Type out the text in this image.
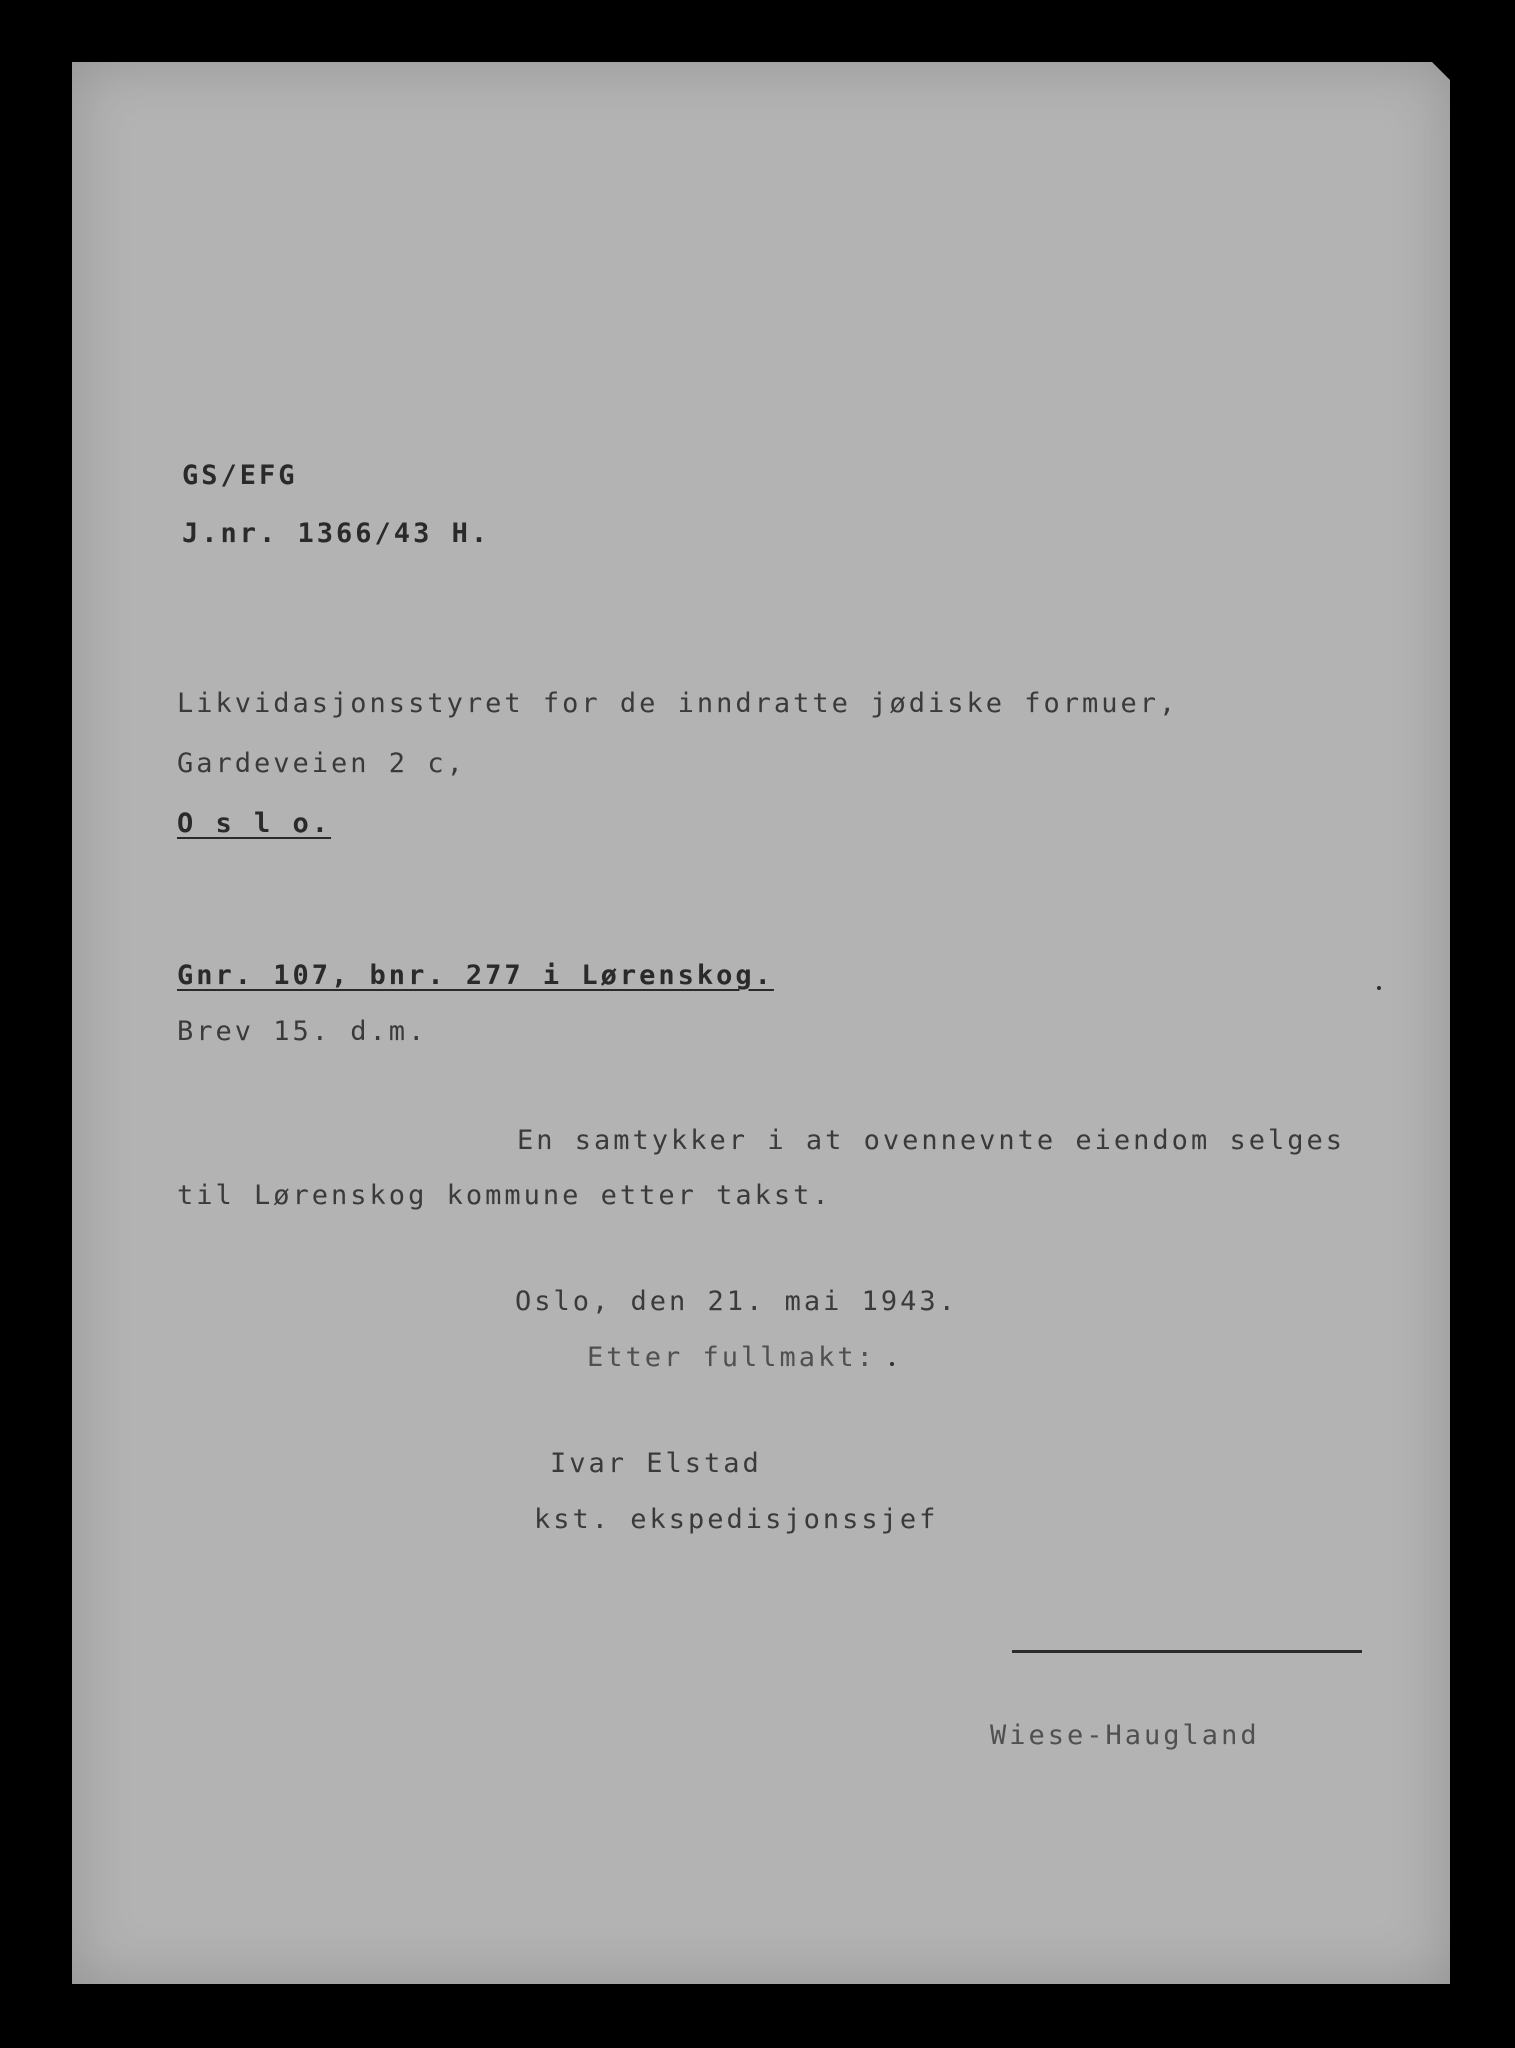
GS/EFG
J.nr. 1366/43 H.
Likvidasjonsstyret for de inndratte jødiske formuer,
Gardeveien 2 c,
O s l o.
Gnr. 107, bnr. 277 i Lørenskog.
Brev 15. d.m.
En samtykker i at ovennevnte eiendom selges
til Lørenskog kommune etter takst.
Oslo, den 21. mai 1943.
Etter fullmakt:
Ivar Elstad
kst. ekspedisjonssjef
Wiese-Haugland
